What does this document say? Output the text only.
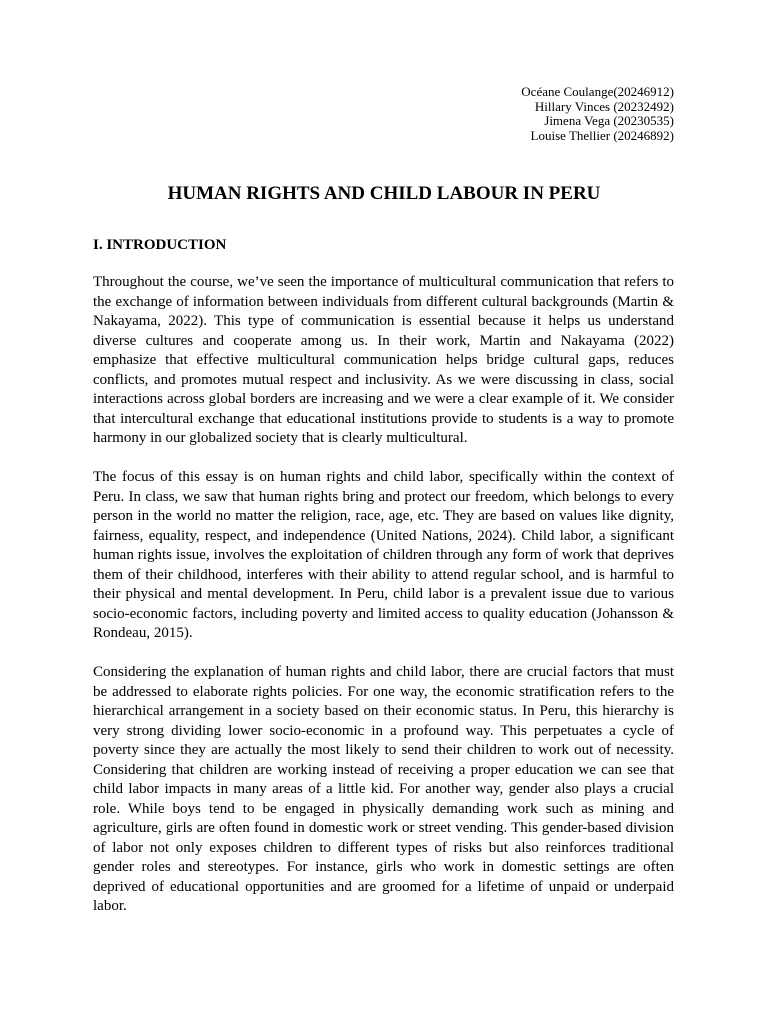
Océane Coulange(20246912)
Hillary Vinces (20232492)
Jimena Vega (20230535)
Louise Thellier (20246892)
HUMAN RIGHTS AND CHILD LABOUR IN PERU
I. INTRODUCTION

Throughout the course, we’ve seen the importance of multicultural communication that refers to the exchange of information between individuals from different cultural backgrounds (Martin & Nakayama, 2022). This type of communication is essential because it helps us understand diverse cultures and cooperate among us. In their work, Martin and Nakayama (2022) emphasize that effective multicultural communication helps bridge cultural gaps, reduces conflicts, and promotes mutual respect and inclusivity. As we were discussing in class, social interactions across global borders are increasing and we were a clear example of it. We consider that intercultural exchange that educational institutions provide to students is a way to promote harmony in our globalized society that is clearly multicultural.

The focus of this essay is on human rights and child labor, specifically within the context of Peru. In class, we saw that human rights bring and protect our freedom, which belongs to every person in the world no matter the religion, race, age, etc. They are based on values like dignity, fairness, equality, respect, and independence (United Nations, 2024). Child labor, a significant human rights issue, involves the exploitation of children through any form of work that deprives them of their childhood, interferes with their ability to attend regular school, and is harmful to their physical and mental development. In Peru, child labor is a prevalent issue due to various socio-economic factors, including poverty and limited access to quality education (Johansson & Rondeau, 2015).

Considering the explanation of human rights and child labor, there are crucial factors that must be addressed to elaborate rights policies. For one way, the economic stratification refers to the hierarchical arrangement in a society based on their economic status. In Peru, this hierarchy is very strong dividing lower socio-economic in a profound way. This perpetuates a cycle of poverty since they are actually the most likely to send their children to work out of necessity. Considering that children are working instead of receiving a proper education we can see that child labor impacts in many areas of a little kid. For another way, gender also plays a crucial role. While boys tend to be engaged in physically demanding work such as mining and agriculture, girls are often found in domestic work or street vending. This gender-based division of labor not only exposes children to different types of risks but also reinforces traditional gender roles and stereotypes. For instance, girls who work in domestic settings are often deprived of educational opportunities and are groomed for a lifetime of unpaid or underpaid labor.
